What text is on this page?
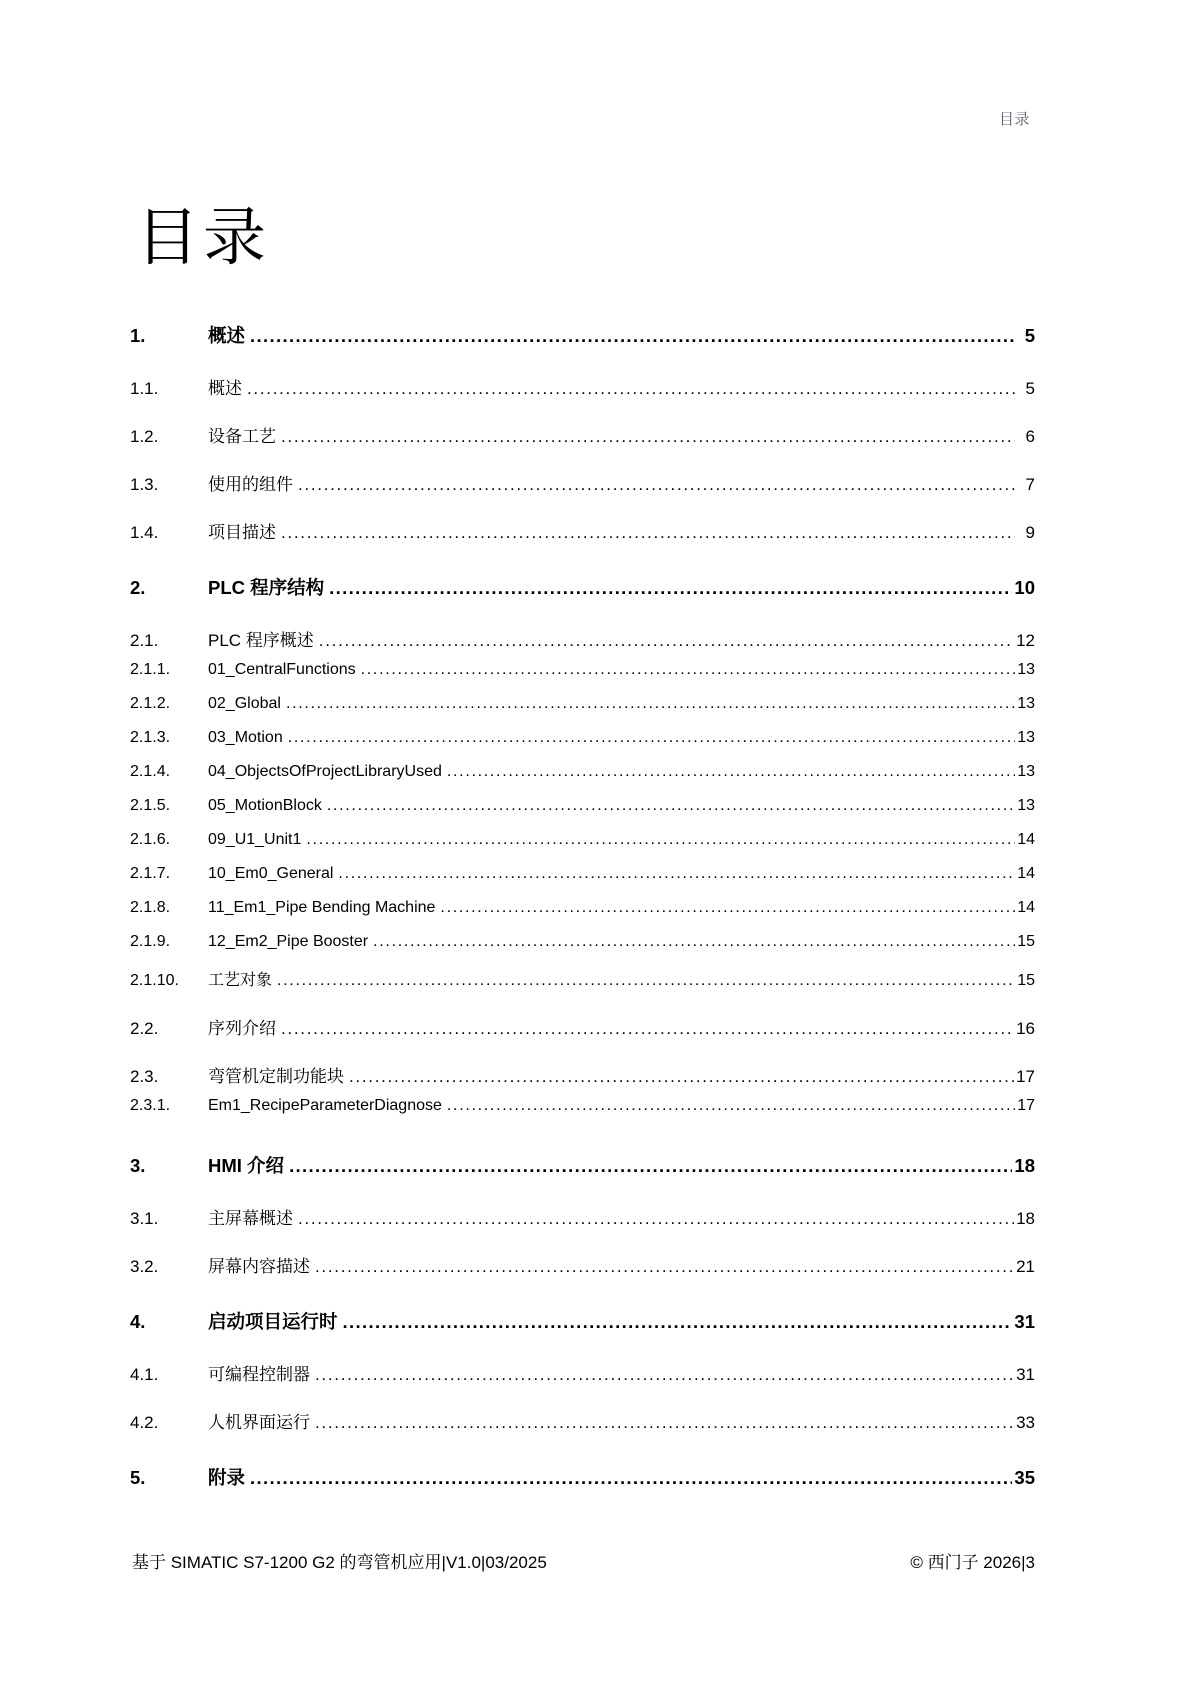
目录
目录
1.	概述 .....	5
1.1.	概述 .....	5
1.2.	设备工艺 .....	6
1.3.	使用的组件 .....	7
1.4.	项目描述 .....	9
2.	PLC 程序结构 .....	10
2.1.	PLC 程序概述 .....	12
2.1.1.	01_CentralFunctions .....	13
2.1.2.	02_Global .....	13
2.1.3.	03_Motion .....	13
2.1.4.	04_ObjectsOfProjectLibraryUsed .....	13
2.1.5.	05_MotionBlock .....	13
2.1.6.	09_U1_Unit1 .....	14
2.1.7.	10_Em0_General .....	14
2.1.8.	11_Em1_Pipe Bending Machine .....	14
2.1.9.	12_Em2_Pipe Booster .....	15
2.1.10.	工艺对象 .....	15
2.2.	序列介绍 .....	16
2.3.	弯管机定制功能块 .....	17
2.3.1.	Em1_RecipeParameterDiagnose .....	17
3.	HMI 介绍 .....	18
3.1.	主屏幕概述 .....	18
3.2.	屏幕内容描述 .....	21
4.	启动项目运行时 .....	31
4.1.	可编程控制器 .....	31
4.2.	人机界面运行 .....	33
5.	附录 .....	35
基于 SIMATIC S7-1200 G2 的弯管机应用|V1.0|03/2025	© 西门子 2026|3
